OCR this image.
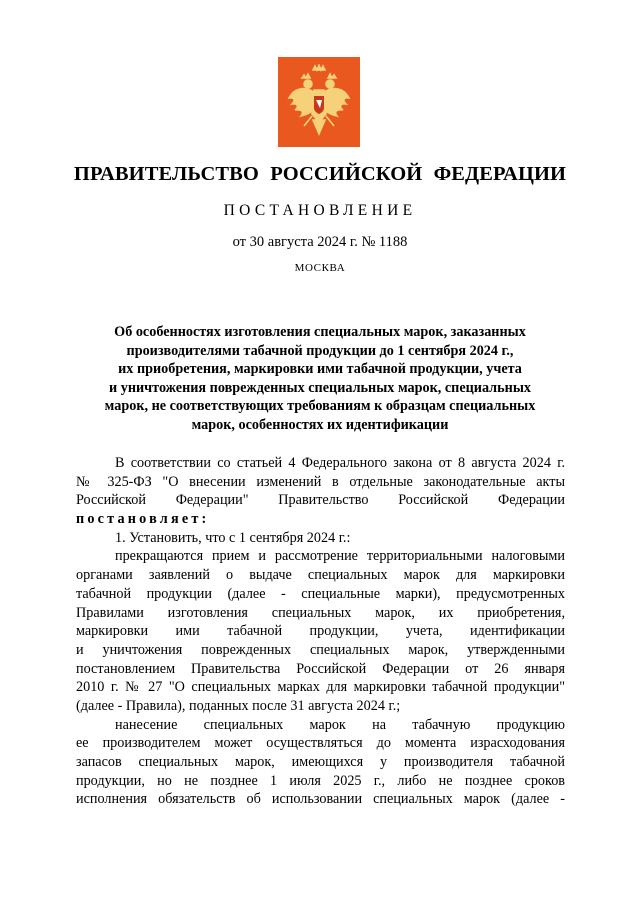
ПРАВИТЕЛЬСТВО РОССИЙСКОЙ ФЕДЕРАЦИИ
ПОСТАНОВЛЕНИЕ
от 30 августа 2024 г. № 1188
МОСКВА
Об особенностях изготовления специальных марок, заказанных
производителями табачной продукции до 1 сентября 2024 г.,
их приобретения, маркировки ими табачной продукции, учета
и уничтожения поврежденных специальных марок, специальных
марок, не соответствующих требованиям к образцам специальных
марок, особенностях их идентификации
В соответствии со статьей 4 Федерального закона от 8 августа 2024 г.
№ 325-ФЗ "О внесении изменений в отдельные законодательные акты
Российской Федерации" Правительство Российской Федерации
постановляет:
1. Установить, что с 1 сентября 2024 г.:
прекращаются прием и рассмотрение территориальными налоговыми
органами заявлений о выдаче специальных марок для маркировки
табачной продукции (далее - специальные марки), предусмотренных
Правилами изготовления специальных марок, их приобретения,
маркировки ими табачной продукции, учета, идентификации
и уничтожения поврежденных специальных марок, утвержденными
постановлением Правительства Российской Федерации от 26 января
2010 г. № 27 "О специальных марках для маркировки табачной продукции"
(далее - Правила), поданных после 31 августа 2024 г.;
нанесение специальных марок на табачную продукцию
ее производителем может осуществляться до момента израсходования
запасов специальных марок, имеющихся у производителя табачной
продукции, но не позднее 1 июля 2025 г., либо не позднее сроков
исполнения обязательств об использовании специальных марок (далее -
